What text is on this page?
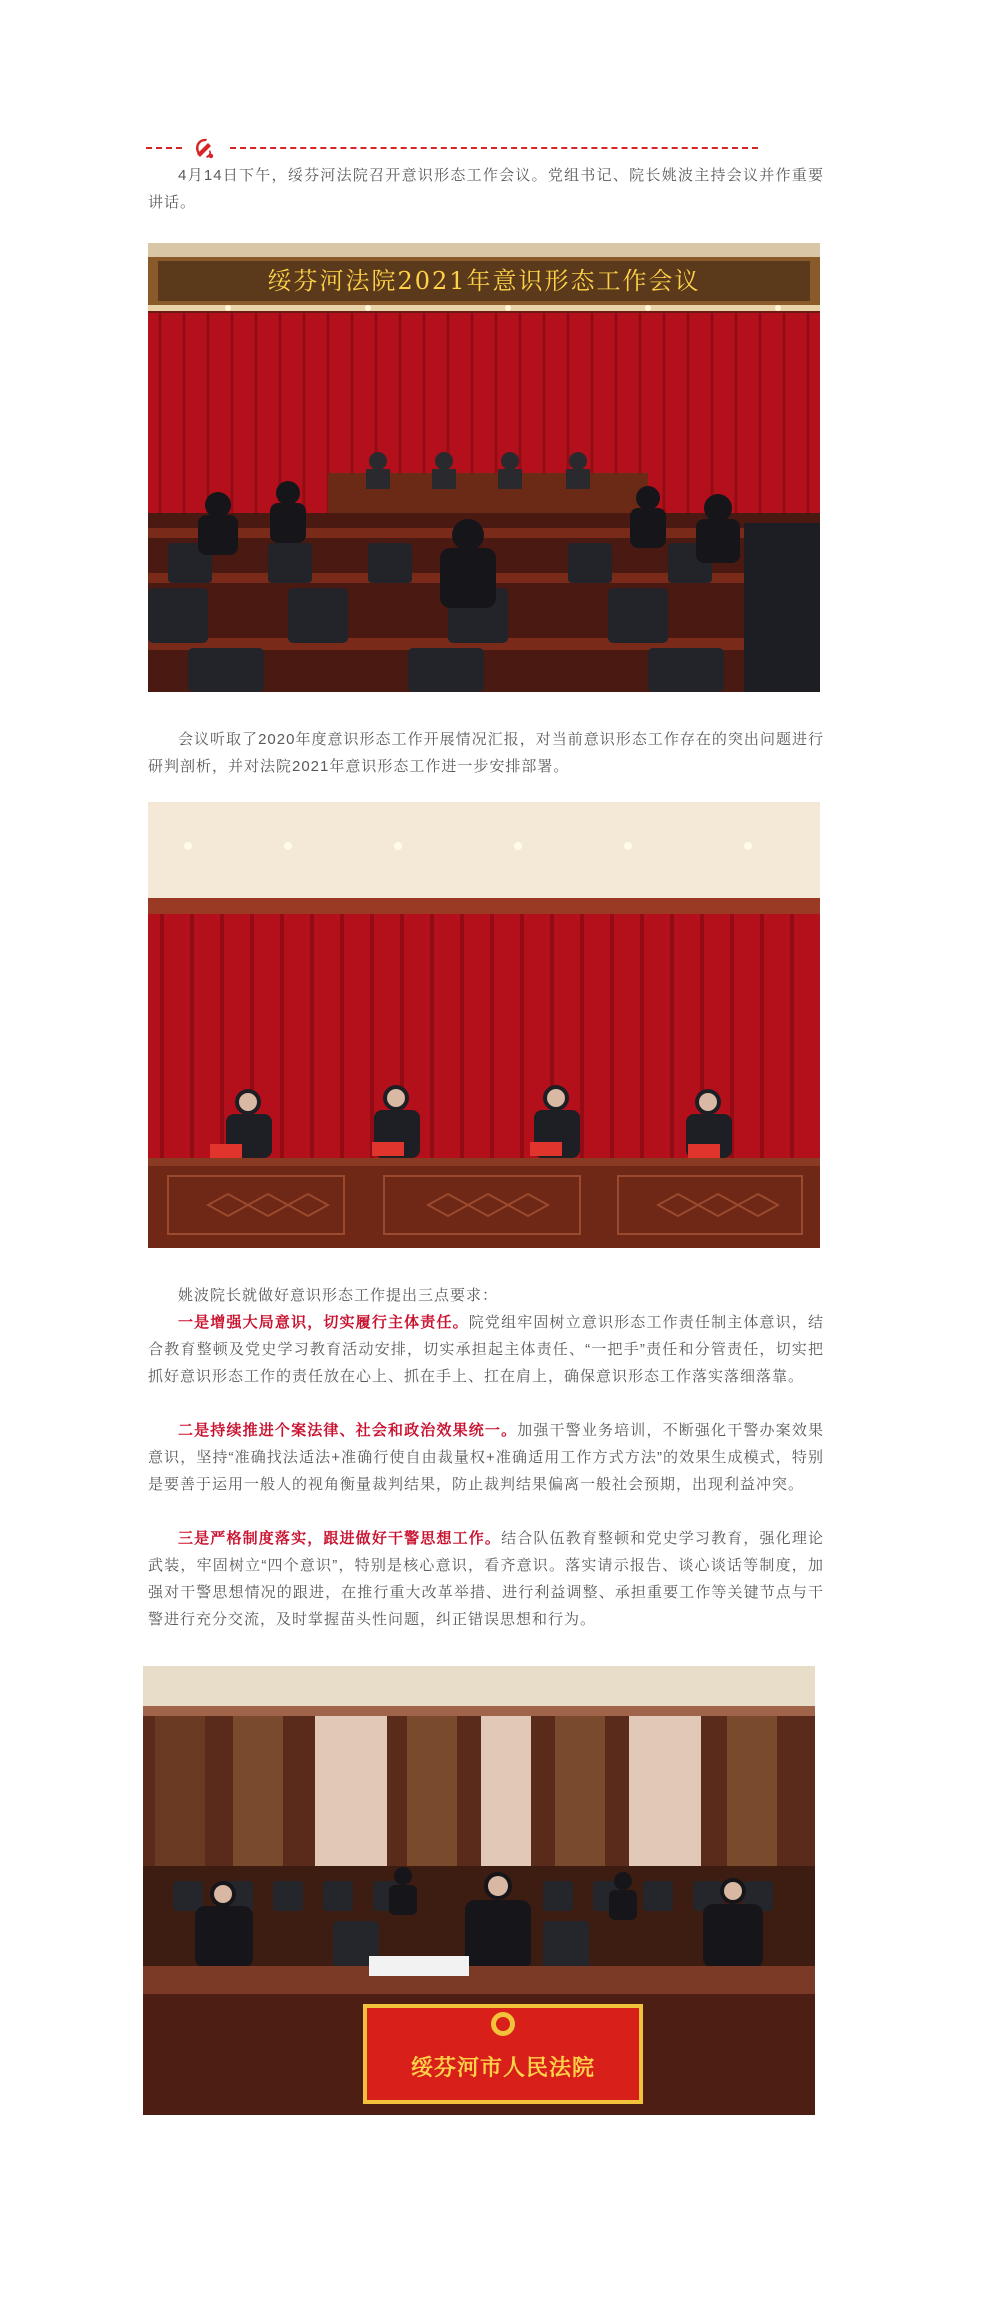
4月14日下午，绥芬河法院召开意识形态工作会议。党组书记、院长姚波主持会议并作重要讲话。

绥芬河法院2021年意识形态工作会议

会议听取了2020年度意识形态工作开展情况汇报，对当前意识形态工作存在的突出问题进行研判剖析，并对法院2021年意识形态工作进一步安排部署。

姚波院长就做好意识形态工作提出三点要求：

一是增强大局意识，切实履行主体责任。院党组牢固树立意识形态工作责任制主体意识，结合教育整顿及党史学习教育活动安排，切实承担起主体责任、“一把手”责任和分管责任，切实把抓好意识形态工作的责任放在心上、抓在手上、扛在肩上，确保意识形态工作落实落细落靠。

二是持续推进个案法律、社会和政治效果统一。加强干警业务培训，不断强化干警办案效果意识，坚持“准确找法适法+准确行使自由裁量权+准确适用工作方式方法”的效果生成模式，特别是要善于运用一般人的视角衡量裁判结果，防止裁判结果偏离一般社会预期，出现利益冲突。

三是严格制度落实，跟进做好干警思想工作。结合队伍教育整顿和党史学习教育，强化理论武装，牢固树立“四个意识”，特别是核心意识，看齐意识。落实请示报告、谈心谈话等制度，加强对干警思想情况的跟进，在推行重大改革举措、进行利益调整、承担重要工作等关键节点与干警进行充分交流，及时掌握苗头性问题，纠正错误思想和行为。

绥芬河市人民法院
